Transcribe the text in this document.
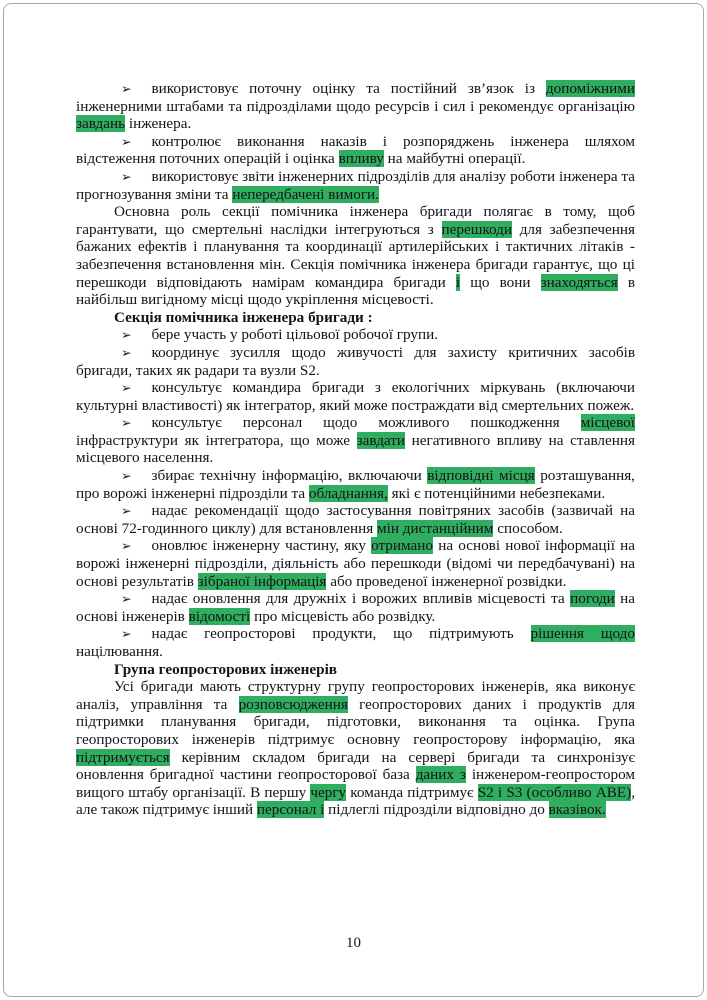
➢ використовує поточну оцінку та постійний зв’язок із допоміжними інженерними штабами та підрозділами щодо ресурсів і сил і рекомендує організацію завдань інженера.

➢ контролює виконання наказів і розпоряджень інженера шляхом відстеження поточних операцій і оцінка впливу на майбутні операції.

➢ використовує звіти інженерних підрозділів для аналізу роботи інженера та прогнозування зміни та непередбачені вимоги.

Основна роль секції помічника інженера бригади полягає в тому, щоб гарантувати, що смертельні наслідки інтегруються з перешкоди для забезпечення бажаних ефектів і планування та координації артилерійських і тактичних літаків - забезпечення встановлення мін. Секція помічника інженера бригади гарантує, що ці перешкоди відповідають намірам командира бригади і що вони знаходяться в найбільш вигідному місці щодо укріплення місцевості.

Секція помічника інженера бригади :

➢ бере участь у роботі цільової робочої групи.

➢ координує зусилля щодо живучості для захисту критичних засобів бригади, таких як радари та вузли S2.

➢ консультує командира бригади з екологічних міркувань (включаючи культурні властивості) як інтегратор, який може постраждати від смертельних пожеж.

➢ консультує персонал щодо можливого пошкодження місцевої інфраструктури як інтегратора, що може завдати негативного впливу на ставлення місцевого населення.

➢ збирає технічну інформацію, включаючи відповідні місця розташування, про ворожі інженерні підрозділи та обладнання, які є потенційними небезпеками.

➢ надає рекомендації щодо застосування повітряних засобів (зазвичай на основі 72-годинного циклу) для встановлення мін дистанційним способом.

➢ оновлює інженерну частину, яку отримано на основі нової інформації на ворожі інженерні підрозділи, діяльність або перешкоди (відомі чи передбачувані) на основі результатів зібраної інформація або проведеної інженерної розвідки.

➢ надає оновлення для дружніх і ворожих впливів місцевості та погоди на основі інженерів відомості про місцевість або розвідку.

➢ надає геопросторові продукти, що підтримують рішення щодо націлювання.

Група геопросторових інженерів

Усі бригади мають структурну групу геопросторових інженерів, яка виконує аналіз, управління та розповсюдження геопросторових даних і продуктів для підтримки планування бригади, підготовки, виконання та оцінка. Група геопросторових інженерів підтримує основну геопросторову інформацію, яка підтримується керівним складом бригади на сервері бригади та синхронізує оновлення бригадної частини геопросторової база даних з інженером-геопростором вищого штабу організації. В першу чергу команда підтримує S2 і S3 (особливо АВЕ), але також підтримує інший персонал і підлеглі підрозділи відповідно до вказівок.

10
